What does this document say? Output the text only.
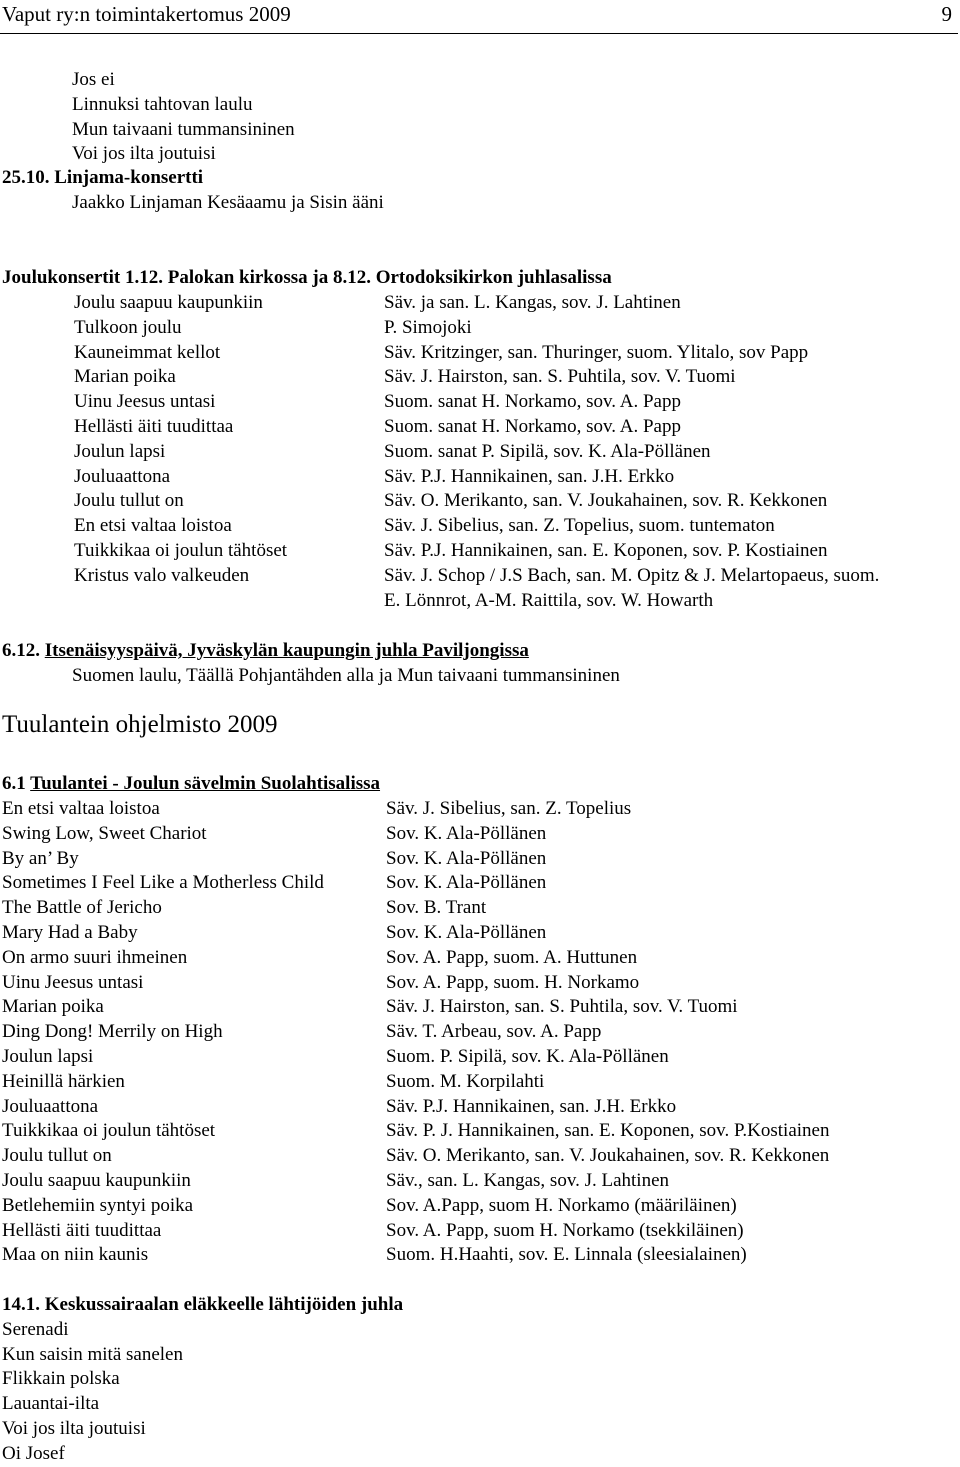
Vaput ry:n toimintakertomus 2009	9
Jos ei
Linnuksi tahtovan laulu
Mun taivaani tummansininen
Voi jos ilta joutuisi
25.10. Linjama-konsertti
Jaakko Linjaman Kesäaamu ja Sisin ääni
Joulukonsertit 1.12. Palokan kirkossa ja 8.12. Ortodoksikirkon juhlasalissa
Joulu saapuu kaupunkiin	Säv. ja san. L. Kangas, sov. J. Lahtinen
Tulkoon joulu	P. Simojoki
Kauneimmat kellot	Säv. Kritzinger, san. Thuringer, suom. Ylitalo, sov Papp
Marian poika	Säv. J. Hairston, san. S. Puhtila, sov. V. Tuomi
Uinu Jeesus untasi	Suom. sanat H. Norkamo, sov. A. Papp
Hellästi äiti tuudittaa	Suom. sanat H. Norkamo, sov. A. Papp
Joulun lapsi	Suom. sanat P. Sipilä, sov. K. Ala-Pöllänen
Jouluaattona	Säv. P.J. Hannikainen, san. J.H. Erkko
Joulu tullut on	Säv. O. Merikanto, san. V. Joukahainen, sov. R. Kekkonen
En etsi valtaa loistoa	Säv. J. Sibelius, san. Z. Topelius, suom. tuntematon
Tuikkikaa oi joulun tähtöset	Säv. P.J. Hannikainen, san. E. Koponen, sov. P. Kostiainen
Kristus valo valkeuden	Säv. J. Schop / J.S Bach, san. M. Opitz & J. Melartopaeus, suom.
E. Lönnrot, A-M. Raittila, sov. W. Howarth
6.12. Itsenäisyyspäivä, Jyväskylän kaupungin juhla Paviljongissa
Suomen laulu, Täällä Pohjantähden alla ja Mun taivaani tummansininen
Tuulantein ohjelmisto 2009
6.1 Tuulantei - Joulun sävelmin Suolahtisalissa
En etsi valtaa loistoa	Säv. J. Sibelius, san. Z. Topelius
Swing Low, Sweet Chariot	Sov. K. Ala-Pöllänen
By an’ By	Sov. K. Ala-Pöllänen
Sometimes I Feel Like a Motherless Child	Sov. K. Ala-Pöllänen
The Battle of Jericho	Sov. B. Trant
Mary Had a Baby	Sov. K. Ala-Pöllänen
On armo suuri ihmeinen	Sov. A. Papp, suom. A. Huttunen
Uinu Jeesus untasi	Sov. A. Papp, suom. H. Norkamo
Marian poika	Säv. J. Hairston, san. S. Puhtila, sov. V. Tuomi
Ding Dong! Merrily on High	Säv. T. Arbeau, sov. A. Papp
Joulun lapsi	Suom. P. Sipilä, sov. K. Ala-Pöllänen
Heinillä härkien	Suom. M. Korpilahti
Jouluaattona	Säv. P.J. Hannikainen, san. J.H. Erkko
Tuikkikaa oi joulun tähtöset	Säv. P. J. Hannikainen, san. E. Koponen, sov. P.Kostiainen
Joulu tullut on	Säv. O. Merikanto, san. V. Joukahainen, sov. R. Kekkonen
Joulu saapuu kaupunkiin	Säv., san. L. Kangas, sov. J. Lahtinen
Betlehemiin syntyi poika	Sov. A.Papp, suom H. Norkamo (määriläinen)
Hellästi äiti tuudittaa	Sov. A. Papp, suom H. Norkamo (tsekkiläinen)
Maa on niin kaunis	Suom. H.Haahti, sov. E. Linnala (sleesialainen)
14.1. Keskussairaalan eläkkeelle lähtijöiden juhla
Serenadi
Kun saisin mitä sanelen
Flikkain polska
Lauantai-ilta
Voi jos ilta joutuisi
Oi Josef
